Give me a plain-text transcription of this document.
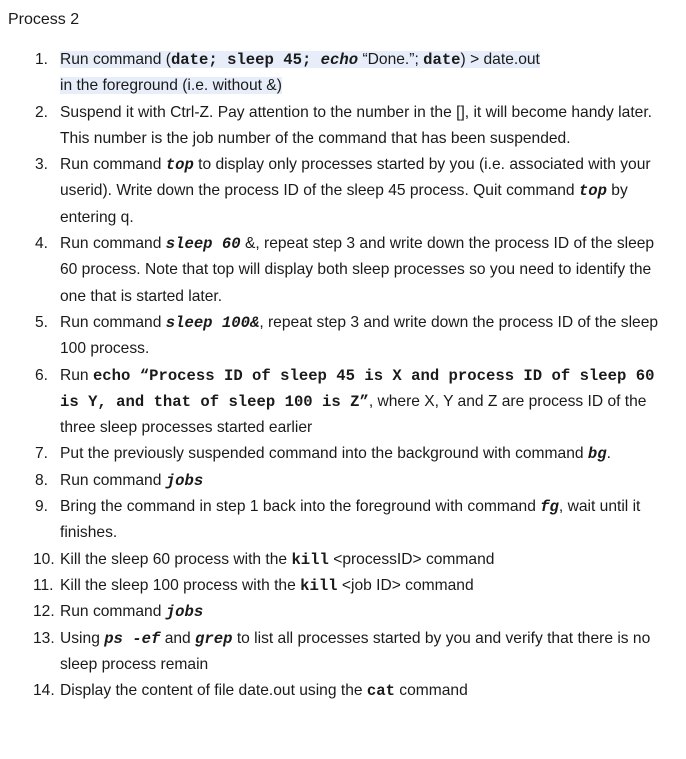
Process 2
1. Run command (date; sleep 45; echo “Done.”; date) > date.out
in the foreground (i.e. without &)
2. Suspend it with Ctrl-Z. Pay attention to the number in the [], it will become handy later. This number is the job number of the command that has been suspended.
3. Run command top to display only processes started by you (i.e. associated with your userid). Write down the process ID of the sleep 45 process. Quit command top by entering q.
4. Run command sleep 60 &, repeat step 3 and write down the process ID of the sleep 60 process. Note that top will display both sleep processes so you need to identify the one that is started later.
5. Run command sleep 100&, repeat step 3 and write down the process ID of the sleep 100 process.
6. Run echo “Process ID of sleep 45 is X and process ID of sleep 60 is Y, and that of sleep 100 is Z”, where X, Y and Z are process ID of the three sleep processes started earlier
7. Put the previously suspended command into the background with command bg.
8. Run command jobs
9. Bring the command in step 1 back into the foreground with command fg, wait until it finishes.
10. Kill the sleep 60 process with the kill <processID> command
11. Kill the sleep 100 process with the kill <job ID> command
12. Run command jobs
13. Using ps -ef and grep to list all processes started by you and verify that there is no sleep process remain
14. Display the content of file date.out using the cat command
